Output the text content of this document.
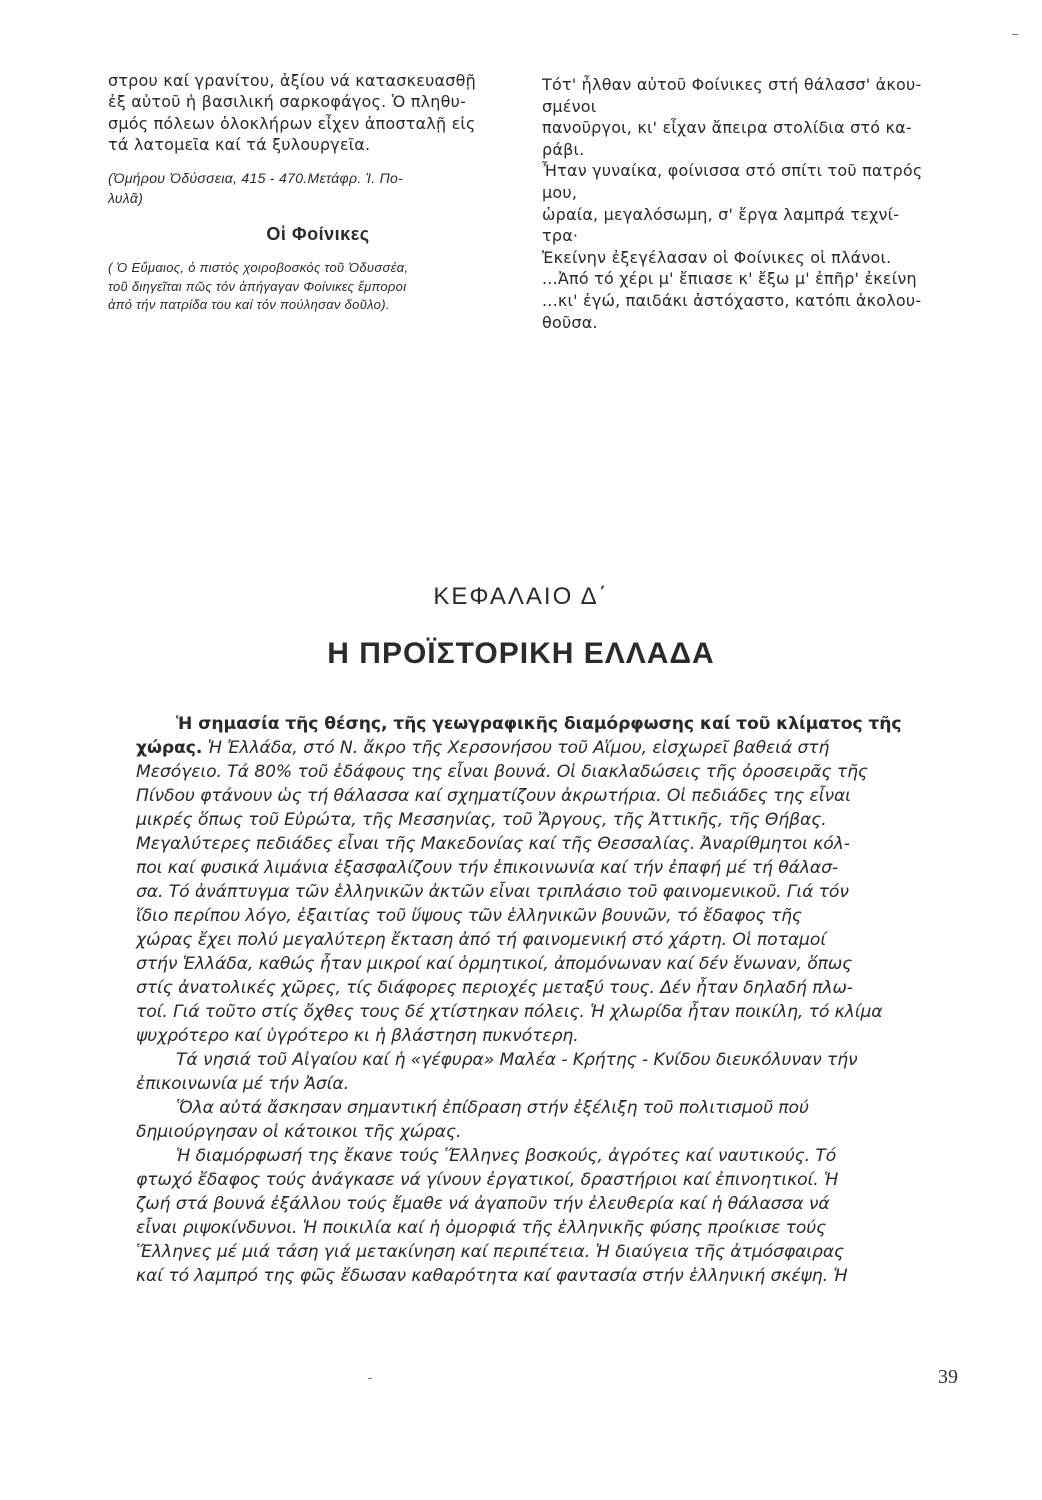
στρου καί γρανίτου, ἀξίου νά κατασκευασθῇ

ἐξ αὐτοῦ ἡ βασιλική σαρκοφάγος. Ὁ πληθυ-

σμός πόλεων ὁλοκλήρων εἶχεν ἀποσταλῇ εἰς

τά λατομεῖα καί τά ξυλουργεῖα.

(Ὁμήρου Ὀδύσσεια, 415 - 470.Μετάφρ. Ἰ. Πο-

λυλᾶ)

Οἱ Φοίνικες

( Ὁ Εὔμαιος, ὁ πιστός χοιροβοσκός τοῦ Ὀδυσσέα,

τοῦ διηγεῖται πῶς τόν ἀπήγαγαν Φοίνικες ἔμποροι

ἀπό τήν πατρίδα του καί τόν πούλησαν δοῦλο).

Τότ' ἦλθαν αὐτοῦ Φοίνικες στή θάλασσ' ἀκου-

σμένοι

πανοῦργοι, κι' εἶχαν ἄπειρα στολίδια στό κα-

ράβι.

Ἦταν γυναίκα, φοίνισσα στό σπίτι τοῦ πατρός

μου,

ὡραία, μεγαλόσωμη, σ' ἔργα λαμπρά τεχνί-

τρα·

Ἐκείνην ἐξεγέλασαν οἱ Φοίνικες οἱ πλάνοι.

...Ἀπό τό χέρι μ' ἔπιασε κ' ἔξω μ' ἐπῆρ' ἐκείνη

...κι' ἐγώ, παιδάκι ἀστόχαστο, κατόπι ἀκολου-

θοῦσα.

ΚΕΦΑΛΑΙΟ Δ΄
Η ΠΡΟΪΣΤΟΡΙΚΗ ΕΛΛΑΔΑ

Ἡ σημασία τῆς θέσης, τῆς γεωγραφικῆς διαμόρφωσης καί τοῦ κλίματος τῆς

χώρας. Ἡ Ἑλλάδα, στό Ν. ἄκρο τῆς Χερσονήσου τοῦ Αἵμου, εἰσχωρεῖ βαθειά στή

Μεσόγειο. Τά 80% τοῦ ἐδάφους της εἶναι βουνά. Οἱ διακλαδώσεις τῆς ὀροσειρᾶς τῆς

Πίνδου φτάνουν ὡς τή θάλασσα καί σχηματίζουν ἀκρωτήρια. Οἱ πεδιάδες της εἶναι

μικρές ὅπως τοῦ Εὐρώτα, τῆς Μεσσηνίας, τοῦ Ἄργους, τῆς Ἀττικῆς, τῆς Θήβας.

Μεγαλύτερες πεδιάδες εἶναι τῆς Μακεδονίας καί τῆς Θεσσαλίας. Ἀναρίθμητοι κόλ-

ποι καί φυσικά λιμάνια ἐξασφαλίζουν τήν ἐπικοινωνία καί τήν ἐπαφή μέ τή θάλασ-

σα. Τό ἀνάπτυγμα τῶν ἑλληνικῶν ἀκτῶν εἶναι τριπλάσιο τοῦ φαινομενικοῦ. Γιά τόν

ἴδιο περίπου λόγο, ἐξαιτίας τοῦ ὕψους τῶν ἑλληνικῶν βουνῶν, τό ἔδαφος τῆς

χώρας ἔχει πολύ μεγαλύτερη ἔκταση ἀπό τή φαινομενική στό χάρτη. Οἱ ποταμοί

στήν Ἑλλάδα, καθώς ἦταν μικροί καί ὁρμητικοί, ἀπομόνωναν καί δέν ἕνωναν, ὅπως

στίς ἀνατολικές χῶρες, τίς διάφορες περιοχές μεταξύ τους. Δέν ἦταν δηλαδή πλω-

τοί. Γιά τοῦτο στίς ὄχθες τους δέ χτίστηκαν πόλεις. Ἡ χλωρίδα ἦταν ποικίλη, τό κλίμα

ψυχρότερο καί ὑγρότερο κι ἡ βλάστηση πυκνότερη.

Τά νησιά τοῦ Αἰγαίου καί ἡ «γέφυρα» Μαλέα - Κρήτης - Κνίδου διευκόλυναν τήν

ἐπικοινωνία μέ τήν Ἀσία.

Ὅλα αὐτά ἄσκησαν σημαντική ἐπίδραση στήν ἐξέλιξη τοῦ πολιτισμοῦ πού

δημιούργησαν οἱ κάτοικοι τῆς χώρας.

Ἡ διαμόρφωσή της ἔκανε τούς Ἕλληνες βοσκούς, ἀγρότες καί ναυτικούς. Τό

φτωχό ἔδαφος τούς ἀνάγκασε νά γίνουν ἐργατικοί, δραστήριοι καί ἐπινοητικοί. Ἡ

ζωή στά βουνά ἐξάλλου τούς ἔμαθε νά ἀγαποῦν τήν ἐλευθερία καί ἡ θάλασσα νά

εἶναι ριψοκίνδυνοι. Ἡ ποικιλία καί ἡ ὀμορφιά τῆς ἑλληνικῆς φύσης προίκισε τούς

Ἕλληνες μέ μιά τάση γιά μετακίνηση καί περιπέτεια. Ἡ διαύγεια τῆς ἀτμόσφαιρας

καί τό λαμπρό της φῶς ἔδωσαν καθαρότητα καί φαντασία στήν ἑλληνική σκέψη. Ἡ

39
